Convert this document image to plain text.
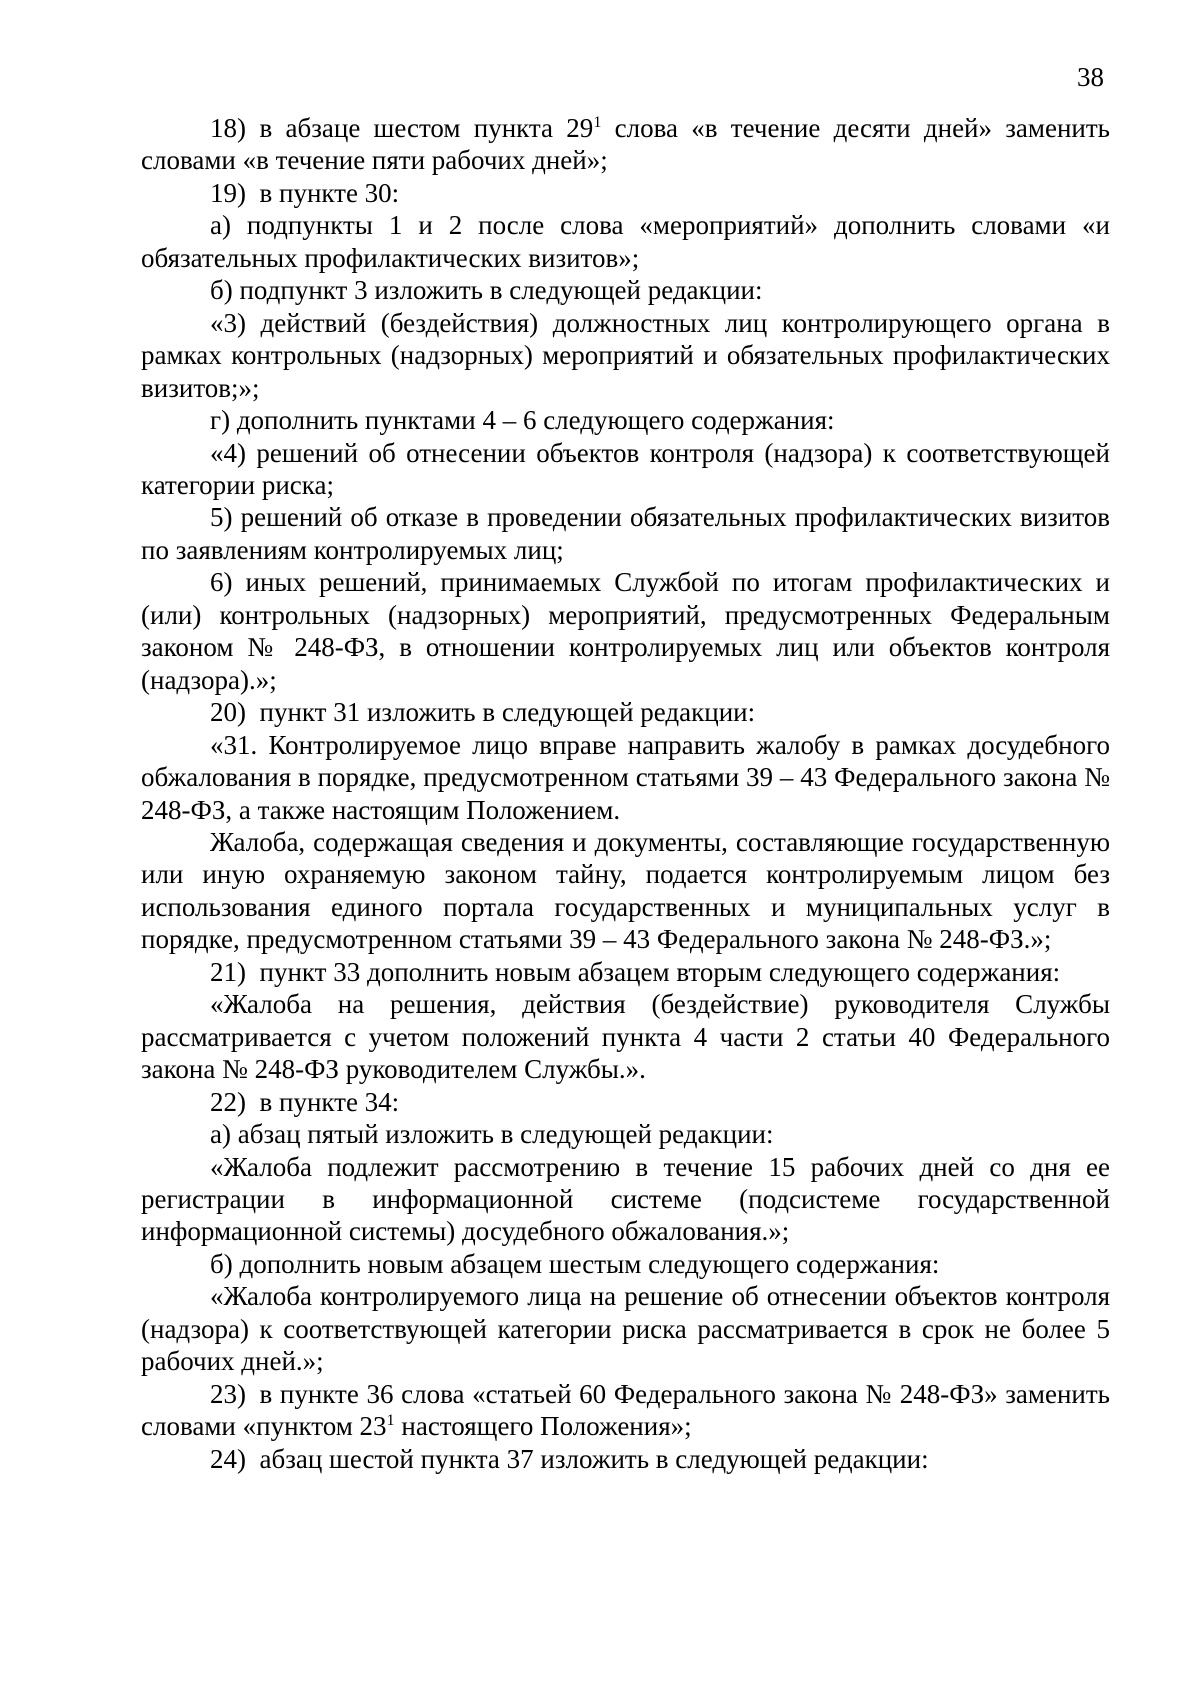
38

18) в абзаце шестом пункта $29^1$ слова «в течение десяти дней» заменить словами «в течение пяти рабочих дней»;

19) в пункте 30:

а) подпункты 1 и 2 после слова «мероприятий» дополнить словами «и обязательных профилактических визитов»;

б) подпункт 3 изложить в следующей редакции:

«3) действий (бездействия) должностных лиц контролирующего органа в рамках контрольных (надзорных) мероприятий и обязательных профилактических визитов;»;

г) дополнить пунктами 4 – 6 следующего содержания:

«4) решений об отнесении объектов контроля (надзора) к соответствующей категории риска;

5) решений об отказе в проведении обязательных профилактических визитов по заявлениям контролируемых лиц;

6) иных решений, принимаемых Службой по итогам профилактических и (или) контрольных (надзорных) мероприятий, предусмотренных Федеральным законом № 248-ФЗ, в отношении контролируемых лиц или объектов контроля (надзора).»;

20) пункт 31 изложить в следующей редакции:

«31. Контролируемое лицо вправе направить жалобу в рамках досудебного обжалования в порядке, предусмотренном статьями 39 – 43 Федерального закона № 248-ФЗ, а также настоящим Положением.

Жалоба, содержащая сведения и документы, составляющие государственную или иную охраняемую законом тайну, подается контролируемым лицом без использования единого портала государственных и муниципальных услуг в порядке, предусмотренном статьями 39 – 43 Федерального закона № 248-ФЗ.»;

21) пункт 33 дополнить новым абзацем вторым следующего содержания:

«Жалоба на решения, действия (бездействие) руководителя Службы рассматривается с учетом положений пункта 4 части 2 статьи 40 Федерального закона № 248-ФЗ руководителем Службы.».

22) в пункте 34:

а) абзац пятый изложить в следующей редакции:

«Жалоба подлежит рассмотрению в течение 15 рабочих дней со дня ее регистрации в информационной системе (подсистеме государственной информационной системы) досудебного обжалования.»;

б) дополнить новым абзацем шестым следующего содержания:

«Жалоба контролируемого лица на решение об отнесении объектов контроля (надзора) к соответствующей категории риска рассматривается в срок не более 5 рабочих дней.»;

23) в пункте 36 слова «статьей 60 Федерального закона № 248-ФЗ» заменить словами «пунктом $23^1$ настоящего Положения»;

24) абзац шестой пункта 37 изложить в следующей редакции:
